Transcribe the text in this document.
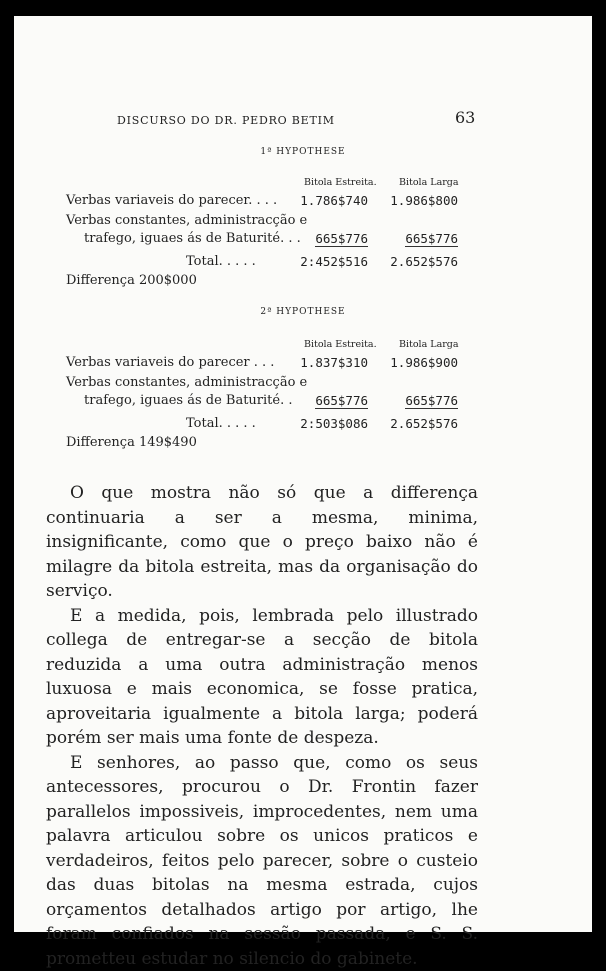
DISCURSO DO DR. PEDRO BETIM	63
1ª HYPOTHESE
Bitola Estreita. Bitola Larga
Verbas variaveis do parecer. . . .	1.786$740	1.986$800
Verbas constantes, administracção e
trafego, iguaes ás de Baturité. . .	665$776	665$776
Total. . . . .	2:452$516	2.652$576
Differença 200$000
2ª HYPOTHESE
Bitola Estreita. Bitola Larga
Verbas variaveis do parecer . . .	1.837$310	1.986$900
Verbas constantes, administracção e
trafego, iguaes ás de Baturité. .	665$776	665$776
Total. . . . .	2:503$086	2.652$576
Differença 149$490

O que mostra não só que a differença continuaria a ser a mesma, minima, insignificante, como que o preço baixo não é milagre da bitola estreita, mas da organisação do serviço.

E a medida, pois, lembrada pelo illustrado collega de entregar-se a secção de bitola reduzida a uma outra administração menos luxuosa e mais economica, se fosse pratica, aproveitaria igualmente a bitola larga; poderá porém ser mais uma fonte de despeza.

E senhores, ao passo que, como os seus antecessores, procurou o Dr. Frontin fazer parallelos impossiveis, improcedentes, nem uma palavra articulou sobre os unicos praticos e verdadeiros, feitos pelo parecer, sobre o custeio das duas bitolas na mesma estrada, cujos orçamentos detalhados artigo por artigo, lhe foram confiados na sessão passada, e S. S. prometteu estudar no silencio do gabinete.
